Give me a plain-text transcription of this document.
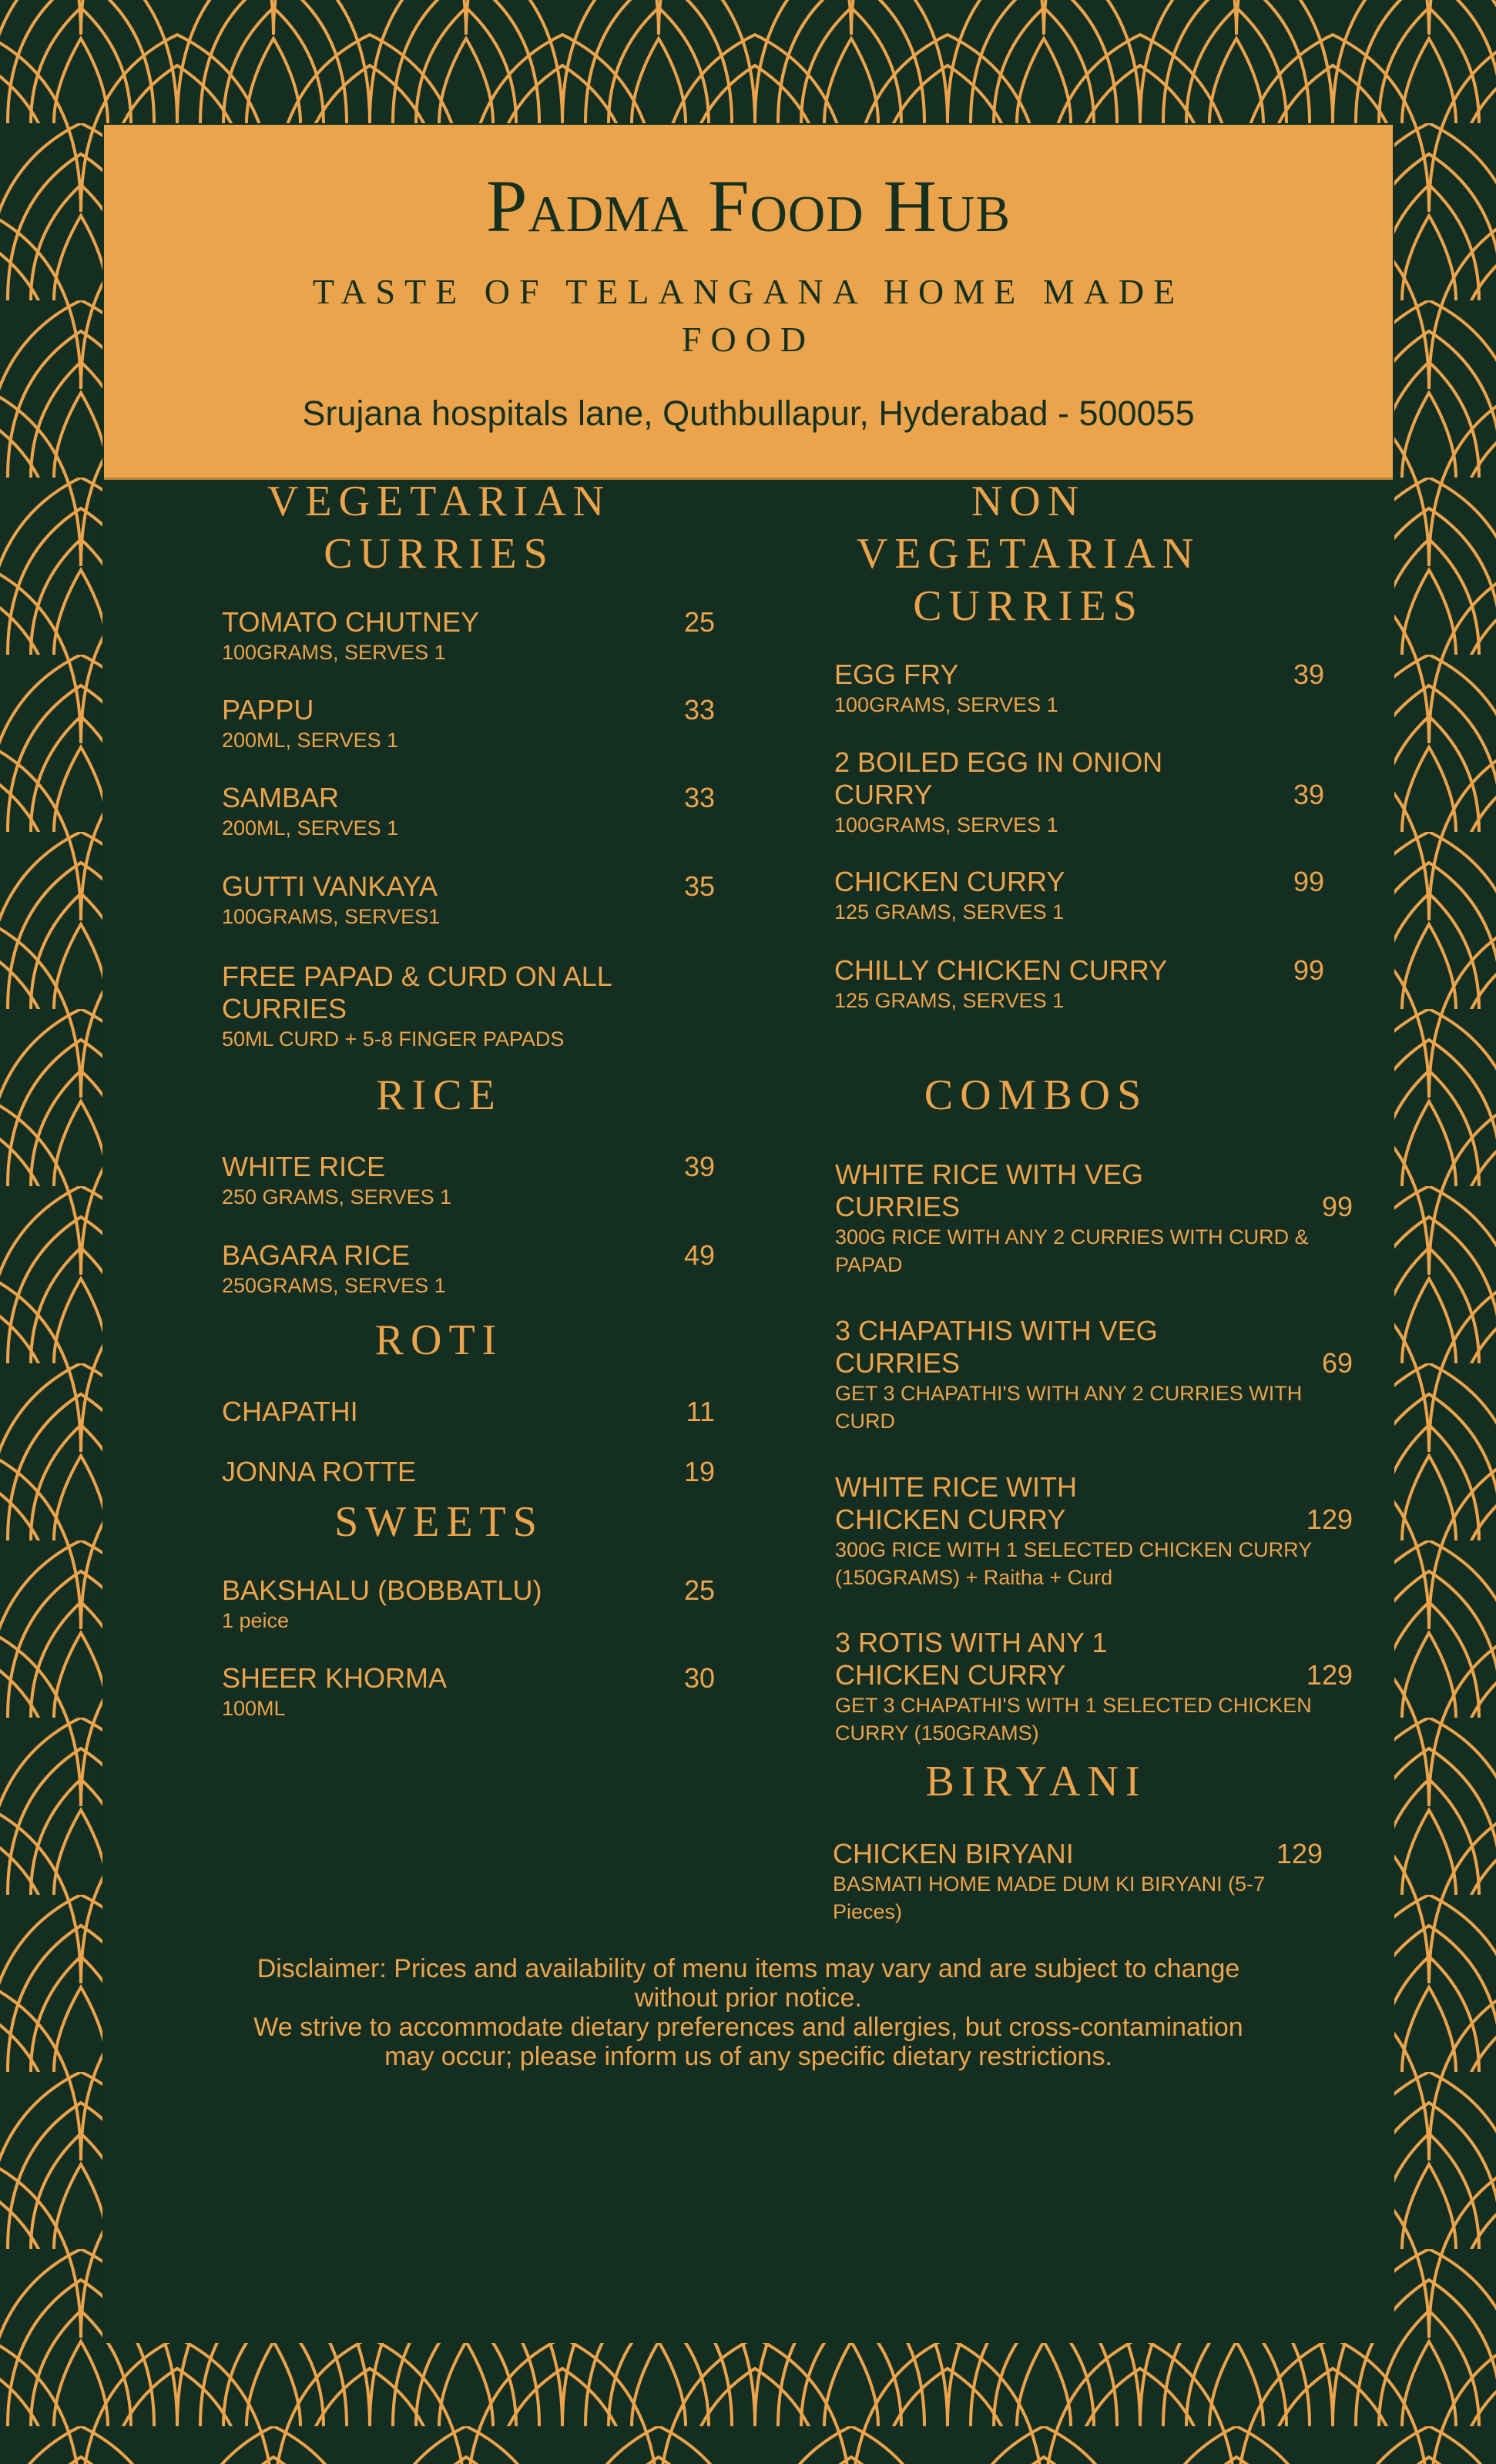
Padma Food Hub
TASTE OF TELANGANA HOME MADE FOOD
Srujana hospitals lane, Quthbullapur, Hyderabad - 500055
VEGETARIAN CURRIES
TOMATO CHUTNEY	25
100GRAMS, SERVES 1
PAPPU	33
200ML, SERVES 1
SAMBAR	33
200ML, SERVES 1
GUTTI VANKAYA	35
100GRAMS, SERVES1
FREE PAPAD & CURD ON ALL CURRIES
50ML CURD + 5-8 FINGER PAPADS
RICE
WHITE RICE	39
250 GRAMS, SERVES 1
BAGARA RICE	49
250GRAMS, SERVES 1
ROTI
CHAPATHI	11
JONNA ROTTE	19
SWEETS
BAKSHALU (BOBBATLU)	25
1 peice
SHEER KHORMA	30
100ML
NON VEGETARIAN CURRIES
EGG FRY	39
100GRAMS, SERVES 1
2 BOILED EGG IN ONION CURRY	39
100GRAMS, SERVES 1
CHICKEN CURRY	99
125 GRAMS, SERVES 1
CHILLY CHICKEN CURRY	99
125 GRAMS, SERVES 1
COMBOS
WHITE RICE WITH VEG CURRIES	99
300G RICE WITH ANY 2 CURRIES WITH CURD & PAPAD
3 CHAPATHIS WITH VEG CURRIES	69
GET 3 CHAPATHI'S WITH ANY 2 CURRIES WITH CURD
WHITE RICE WITH CHICKEN CURRY	129
300G RICE WITH 1 SELECTED CHICKEN CURRY (150GRAMS) + Raitha + Curd
3 ROTIS WITH ANY 1 CHICKEN CURRY	129
GET 3 CHAPATHI'S WITH 1 SELECTED CHICKEN CURRY (150GRAMS)
BIRYANI
CHICKEN BIRYANI	129
BASMATI HOME MADE DUM KI BIRYANI (5-7 Pieces)

Disclaimer: Prices and availability of menu items may vary and are subject to change without prior notice.

We strive to accommodate dietary preferences and allergies, but cross-contamination may occur; please inform us of any specific dietary restrictions.
